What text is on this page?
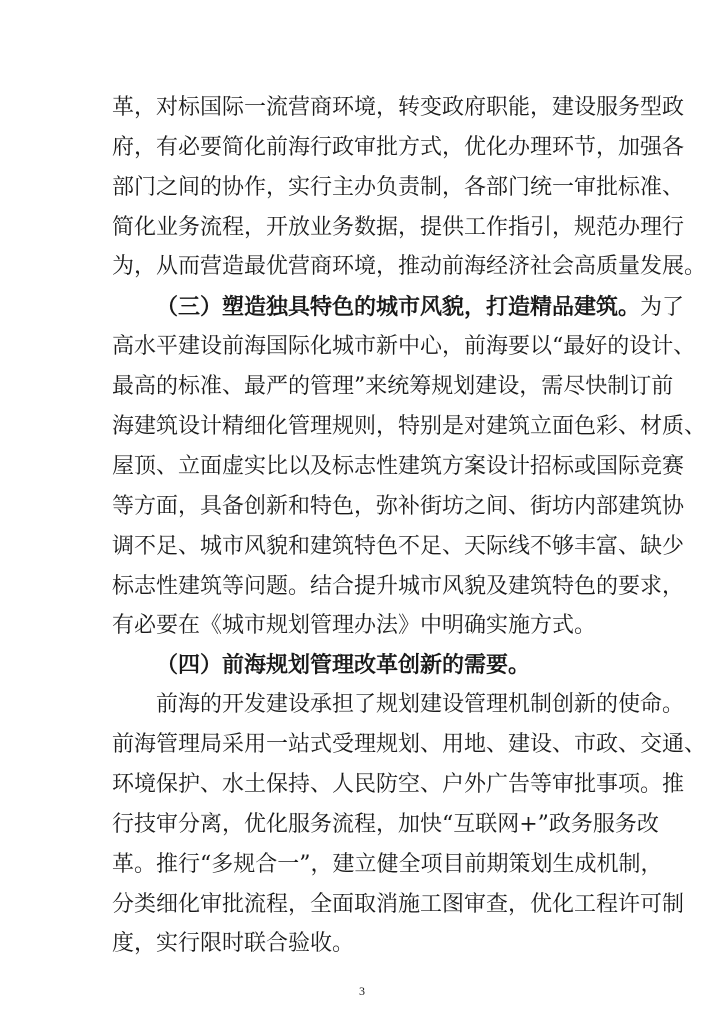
革，对标国际一流营商环境，转变政府职能，建设服务型政
府，有必要简化前海行政审批方式，优化办理环节，加强各
部门之间的协作，实行主办负责制，各部门统一审批标准、
简化业务流程，开放业务数据，提供工作指引，规范办理行
为，从而营造最优营商环境，推动前海经济社会高质量发展。
（三）塑造独具特色的城市风貌，打造精品建筑。为了
高水平建设前海国际化城市新中心，前海要以“最好的设计、
最高的标准、最严的管理”来统筹规划建设，需尽快制订前
海建筑设计精细化管理规则，特别是对建筑立面色彩、材质、
屋顶、立面虚实比以及标志性建筑方案设计招标或国际竞赛
等方面，具备创新和特色，弥补街坊之间、街坊内部建筑协
调不足、城市风貌和建筑特色不足、天际线不够丰富、缺少
标志性建筑等问题。结合提升城市风貌及建筑特色的要求，
有必要在《城市规划管理办法》中明确实施方式。
（四）前海规划管理改革创新的需要。
前海的开发建设承担了规划建设管理机制创新的使命。
前海管理局采用一站式受理规划、用地、建设、市政、交通、
环境保护、水土保持、人民防空、户外广告等审批事项。推
行技审分离，优化服务流程，加快“互联网+”政务服务改
革。推行“多规合一”，建立健全项目前期策划生成机制，
分类细化审批流程，全面取消施工图审查，优化工程许可制
度，实行限时联合验收。
3
